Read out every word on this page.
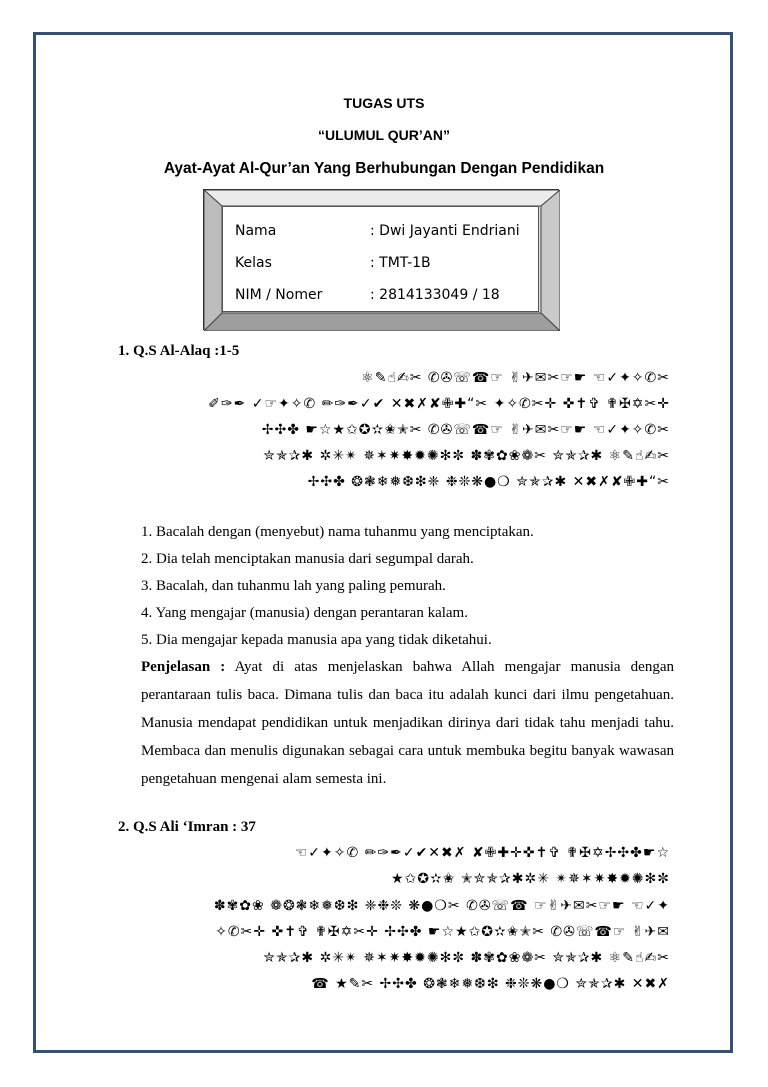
TUGAS UTS
“ULUMUL QUR’AN”
Ayat-Ayat Al-Qur’an Yang Berhubungan Dengan Pendidikan
Nama	: Dwi Jayanti Endriani
Kelas	: TMT-1B
NIM / Nomer	: 2814133049 / 18
1. Q.S Al-Alaq :1-5
⚛✎☝✍✂ ✆✇☏☎☞ ✌✈✉✂☞☛ ☜✓✦✧✆✂
✐✑✒ ✓☞✦✧✆ ✏✑✒✓✔ ✕✖✗✘✙✚“✂ ✦✧✆✂✛ ✜✝✞ ✟✠✡✂✛
✢✣✤ ☛☆★✩✪✫✬✭✂ ✆✇☏☎☞ ✌✈✉✂☞☛ ☜✓✦✧✆✂
✮✯✰✱ ✲✳✴ ✵✶✷✸✹✺✻✼ ✽✾✿❀❁✂ ✮✯✰✱ ⚛✎☝✍✂
✢✣✤ ❂❃❄❅❆❇❈ ❉❊❋●❍ ✮✯✰✱ ✕✖✗✘✙✚“✂
1. Bacalah dengan (menyebut) nama tuhanmu yang menciptakan.
2. Dia telah menciptakan manusia dari segumpal darah.
3. Bacalah, dan tuhanmu lah yang paling pemurah.
4. Yang mengajar (manusia) dengan perantaran kalam.
5. Dia mengajar kepada manusia apa yang tidak diketahui.
Penjelasan : Ayat di atas menjelaskan bahwa Allah mengajar manusia dengan perantaraan tulis baca. Dimana tulis dan baca itu adalah kunci dari ilmu pengetahuan. Manusia mendapat pendidikan untuk menjadikan dirinya dari tidak tahu menjadi tahu. Membaca dan menulis digunakan sebagai cara untuk membuka begitu banyak wawasan pengetahuan mengenai alam semesta ini.
2. Q.S Ali ‘Imran : 37
☜✓✦✧✆ ✏✑✒✓✔✕✖✗ ✘✙✚✛✜✝✞ ✟✠✡✢✣✤☛☆
★✩✪✫✬ ✭✮✯✰✱✲✳ ✴✵✶✷✸✹✺✻✼
✽✾✿❀ ❁❂❃❄❅❆❇ ❈❉❊ ❋●❍✂ ✆✇☏☎ ☞✌✈✉✂☞☛ ☜✓✦
✧✆✂✛ ✜✝✞ ✟✠✡✂✛ ✢✣✤ ☛☆★✩✪✫✬✭✂ ✆✇☏☎☞ ✌✈✉
✮✯✰✱ ✲✳✴ ✵✶✷✸✹✺✻✼ ✽✾✿❀❁✂ ✮✯✰✱ ⚛✎☝✍✂
☎ ★✎✂ ✢✣✤ ❂❃❄❅❆❇ ❉❊❋●❍ ✮✯✰✱ ✕✖✗
